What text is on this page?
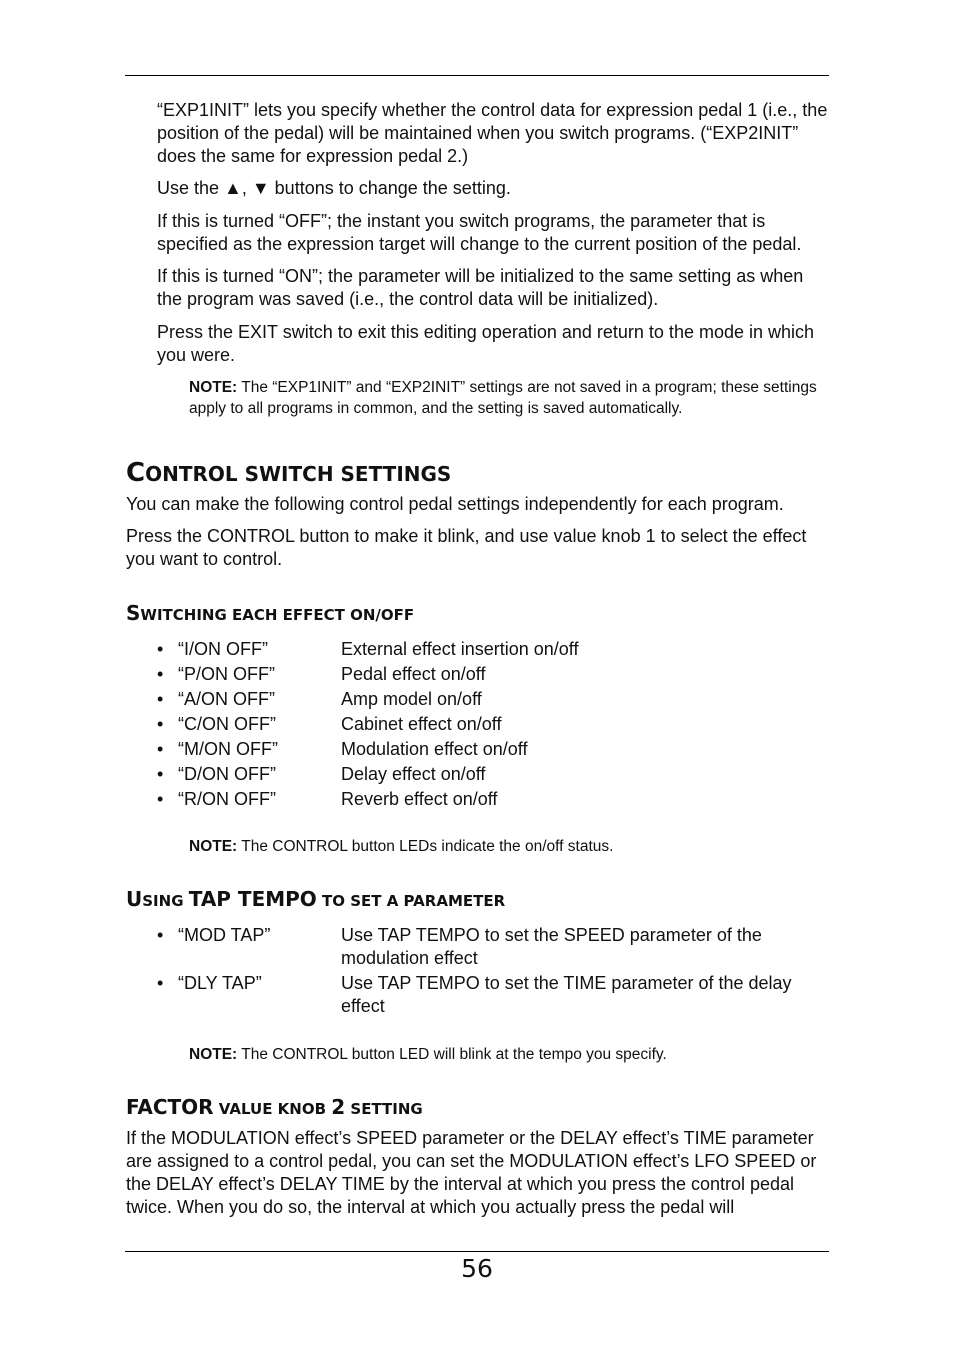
“EXP1INIT” lets you specify whether the control data for expression pedal 1 (i.e., the position of the pedal) will be maintained when you switch programs. (“EXP2INIT” does the same for expression pedal 2.)

Use the ▲, ▼ buttons to change the setting.

If this is turned “OFF”; the instant you switch programs, the parameter that is specified as the expression target will change to the current position of the pedal.

If this is turned “ON”; the parameter will be initialized to the same setting as when the program was saved (i.e., the control data will be initialized).

Press the EXIT switch to exit this editing operation and return to the mode in which you were.

NOTE: The “EXP1INIT” and “EXP2INIT” settings are not saved in a program; these settings apply to all programs in common, and the setting is saved automatically.

CONTROL SWITCH SETTINGS

You can make the following control pedal settings independently for each program.

Press the CONTROL button to make it blink, and use value knob 1 to select the effect you want to control.

SWITCHING EACH EFFECT ON/OFF
• “I/ON OFF”	External effect insertion on/off
• “P/ON OFF”	Pedal effect on/off
• “A/ON OFF”	Amp model on/off
• “C/ON OFF”	Cabinet effect on/off
• “M/ON OFF”	Modulation effect on/off
• “D/ON OFF”	Delay effect on/off
• “R/ON OFF”	Reverb effect on/off

NOTE: The CONTROL button LEDs indicate the on/off status.

USING TAP TEMPO TO SET A PARAMETER
• “MOD TAP”	Use TAP TEMPO to set the SPEED parameter of the modulation effect
• “DLY TAP”	Use TAP TEMPO to set the TIME parameter of the delay effect

NOTE: The CONTROL button LED will blink at the tempo you specify.

FACTOR VALUE KNOB 2 SETTING

If the MODULATION effect’s SPEED parameter or the DELAY effect’s TIME parameter are assigned to a control pedal, you can set the MODULATION effect’s LFO SPEED or the DELAY effect’s DELAY TIME by the interval at which you press the control pedal twice. When you do so, the interval at which you actually press the pedal will

56
